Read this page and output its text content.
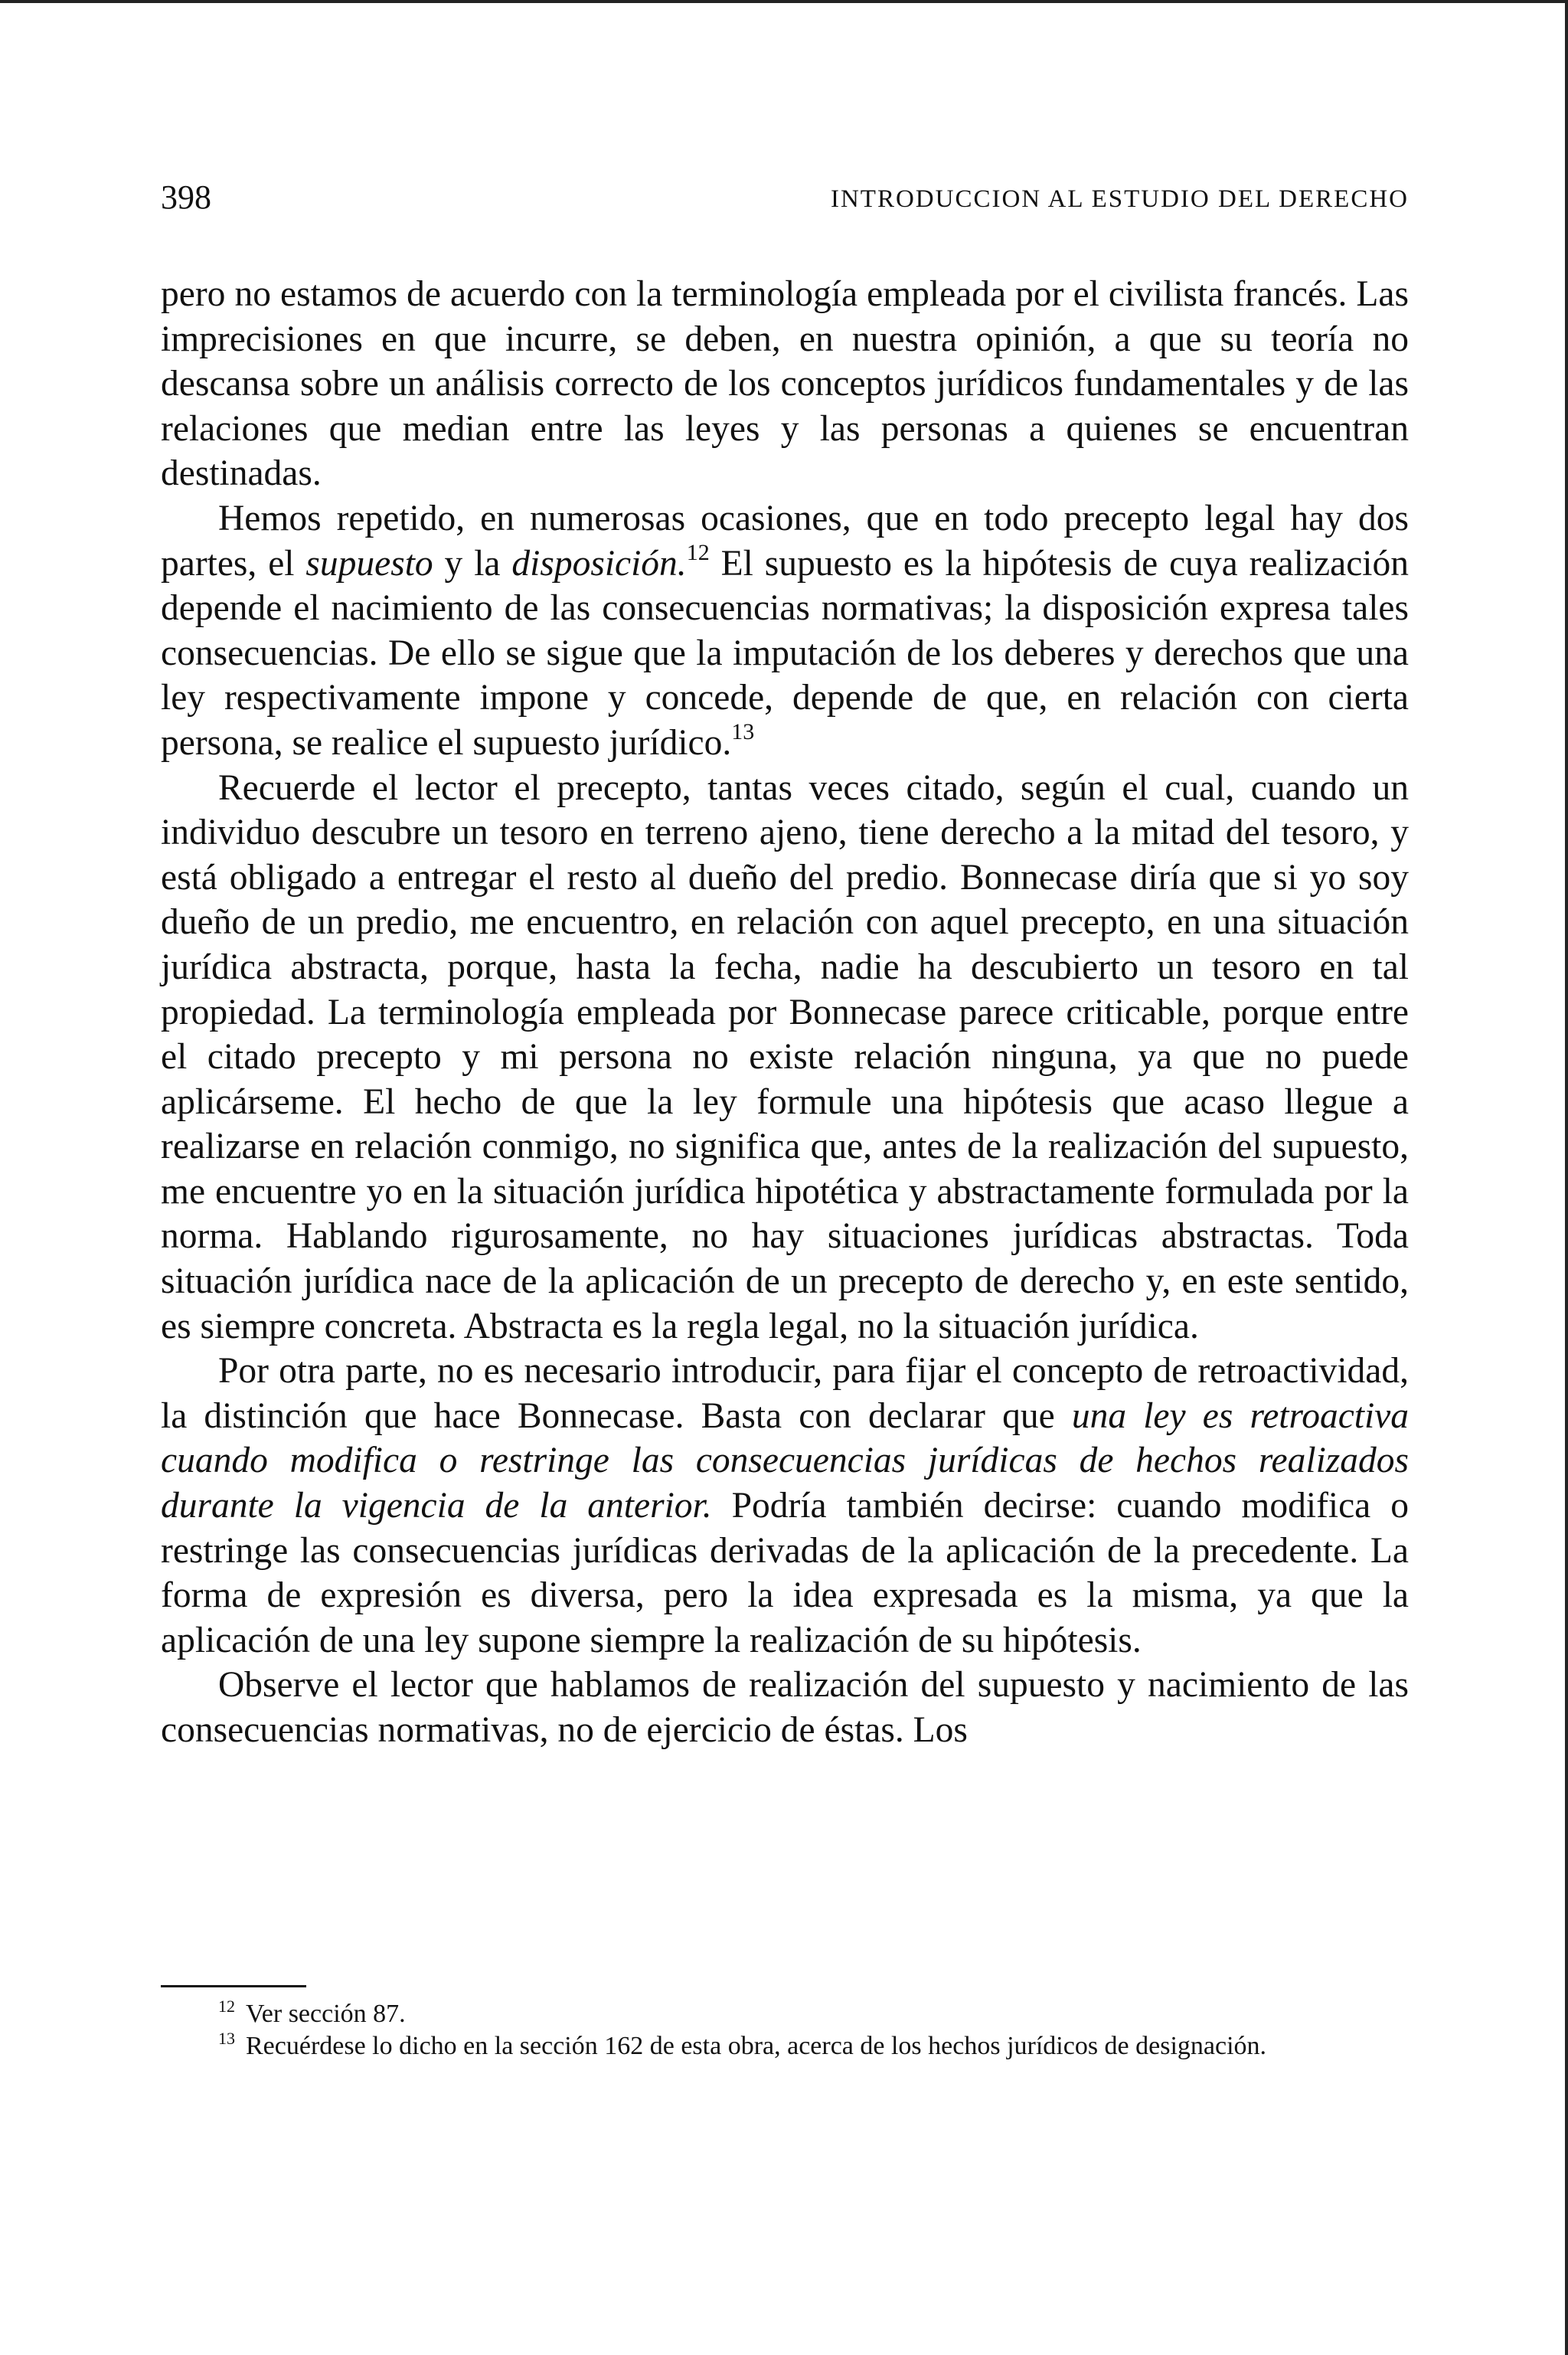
398	INTRODUCCION AL ESTUDIO DEL DERECHO

pero no estamos de acuerdo con la terminología empleada por el civilista francés. Las imprecisiones en que incurre, se deben, en nuestra opinión, a que su teoría no descansa sobre un análisis correcto de los conceptos jurídicos fundamentales y de las relaciones que median entre las leyes y las personas a quienes se encuentran destinadas.

Hemos repetido, en numerosas ocasiones, que en todo precepto legal hay dos partes, el supuesto y la disposición.$^{12}$ El supuesto es la hipótesis de cuya realización depende el nacimiento de las consecuencias normativas; la disposición expresa tales consecuencias. De ello se sigue que la imputación de los deberes y derechos que una ley respectivamente impone y concede, depende de que, en relación con cierta persona, se realice el supuesto jurídico.$^{13}$

Recuerde el lector el precepto, tantas veces citado, según el cual, cuando un individuo descubre un tesoro en terreno ajeno, tiene derecho a la mitad del tesoro, y está obligado a entregar el resto al dueño del predio. Bonnecase diría que si yo soy dueño de un predio, me encuentro, en relación con aquel precepto, en una situación jurídica abstracta, porque, hasta la fecha, nadie ha descubierto un tesoro en tal propiedad. La terminología empleada por Bonnecase parece criticable, porque entre el citado precepto y mi persona no existe relación ninguna, ya que no puede aplicárseme. El hecho de que la ley formule una hipótesis que acaso llegue a realizarse en relación conmigo, no significa que, antes de la realización del supuesto, me encuentre yo en la situación jurídica hipotética y abstractamente formulada por la norma. Hablando rigurosamente, no hay situaciones jurídicas abstractas. Toda situación jurídica nace de la aplicación de un precepto de derecho y, en este sentido, es siempre concreta. Abstracta es la regla legal, no la situación jurídica.

Por otra parte, no es necesario introducir, para fijar el concepto de retroactividad, la distinción que hace Bonnecase. Basta con declarar que una ley es retroactiva cuando modifica o restringe las consecuencias jurídicas de hechos realizados durante la vigencia de la anterior. Podría también decirse: cuando modifica o restringe las consecuencias jurídicas derivadas de la aplicación de la precedente. La forma de expresión es diversa, pero la idea expresada es la misma, ya que la aplicación de una ley supone siempre la realización de su hipótesis.

Observe el lector que hablamos de realización del supuesto y nacimiento de las consecuencias normativas, no de ejercicio de éstas. Los

$^{12}$ Ver sección 87.

$^{13}$ Recuérdese lo dicho en la sección 162 de esta obra, acerca de los hechos jurídicos de designación.
